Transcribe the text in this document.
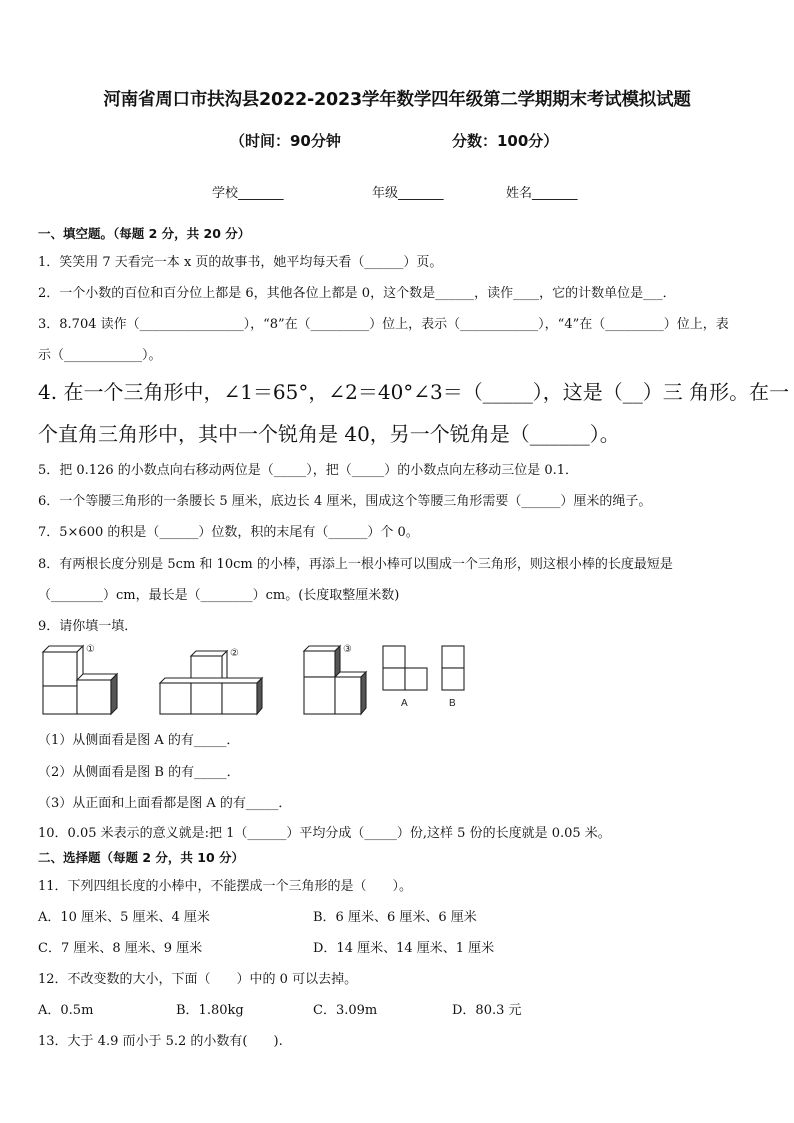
河南省周口市扶沟县2022-2023学年数学四年级第二学期期末考试模拟试题
（时间：90分钟	分数：100分）
学校_______	年级_______	姓名_______
一、填空题。（每题 2 分，共 20 分）
1．笑笑用 7 天看完一本 x 页的故事书，她平均每天看（______）页。
2．一个小数的百位和百分位上都是 6，其他各位上都是 0，这个数是______，读作____，它的计数单位是___．
3．8.704 读作（________________），“8”在（_________）位上，表示（____________），“4”在（_________）位上，表
示（____________）。
4. 在一个三角形中，∠1＝65°，∠2＝40°∠3＝（_____），这是（__）三 角形。在一
个直角三角形中，其中一个锐角是 40，另一个锐角是（______）。
5．把 0.126 的小数点向右移动两位是（_____），把（_____）的小数点向左移动三位是 0.1．
6．一个等腰三角形的一条腰长 5 厘米，底边长 4 厘米，围成这个等腰三角形需要（______）厘米的绳子。
7．5×600 的积是（______）位数，积的末尾有（______）个 0。
8．有两根长度分别是 5cm 和 10cm 的小棒，再添上一根小棒可以围成一个三角形，则这根小棒的长度最短是
（________）cm，最长是（________）cm。(长度取整厘米数)
9．请你填一填．
①	②	③
A	B
（1）从侧面看是图 A 的有_____．
（2）从侧面看是图 B 的有_____．
（3）从正面和上面看都是图 A 的有_____．
10．0.05 米表示的意义就是:把 1（______）平均分成（_____）份,这样 5 份的长度就是 0.05 米。
二、选择题（每题 2 分，共 10 分）
11．下列四组长度的小棒中，不能摆成一个三角形的是（　　）。
A．10 厘米、5 厘米、4 厘米	B．6 厘米、6 厘米、6 厘米
C．7 厘米、8 厘米、9 厘米	D．14 厘米、14 厘米、1 厘米
12．不改变数的大小，下面（　　）中的 0 可以去掉。
A．0.5m	B．1.80kg	C．3.09m	D．80.3 元
13．大于 4.9 而小于 5.2 的小数有(　　).
